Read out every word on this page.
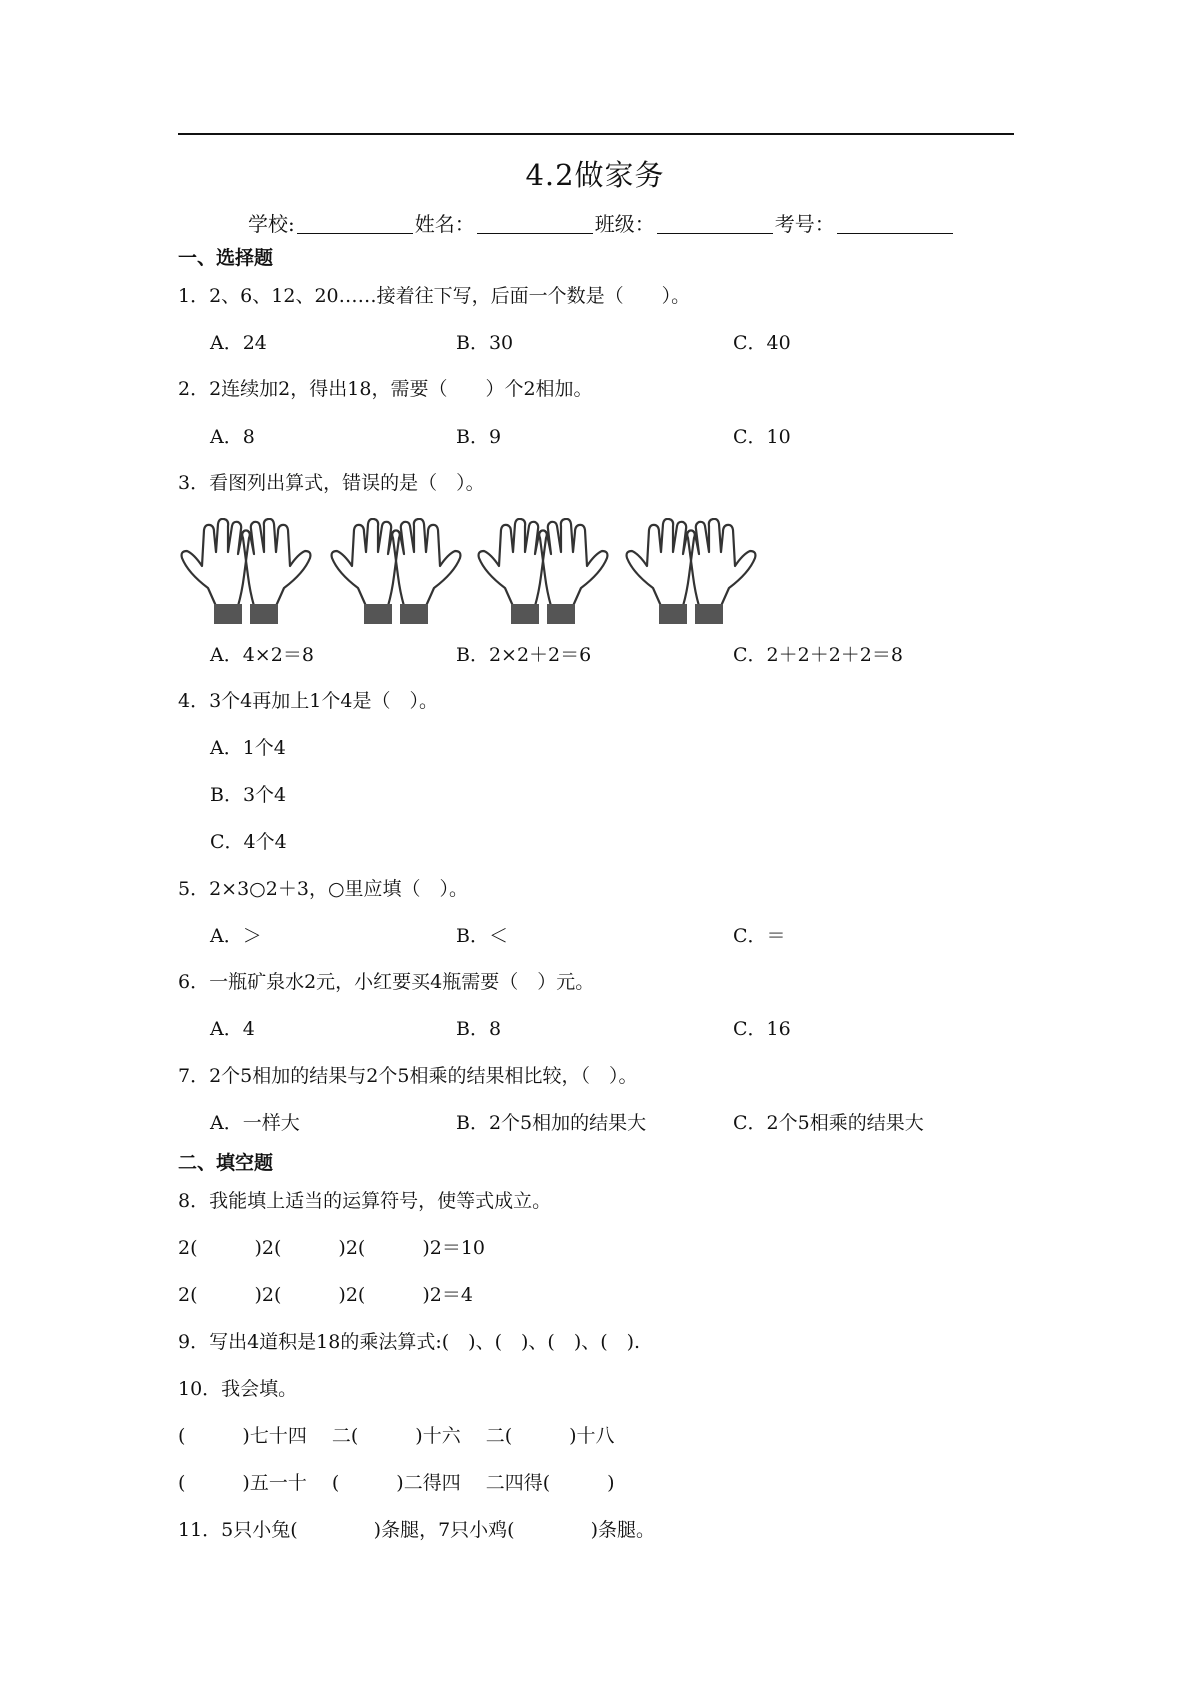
4.2做家务
学校:	姓名：	班级：	考号：
一、选择题
1．2、6、12、20……接着往下写，后面一个数是（　　）。
A．24	B．30	C．40
2．2连续加2，得出18，需要（　　）个2相加。
A．8	B．9	C．10
3．看图列出算式，错误的是（　）。
A．4×2＝8	B．2×2＋2＝6	C．2＋2＋2＋2＝8
4．3个4再加上1个4是（　）。
A．1个4
B．3个4
C．4个4
5．2×3○2＋3，○里应填（　）。
A．＞	B．＜	C．＝
6．一瓶矿泉水2元，小红要买4瓶需要（　）元。
A．4	B．8	C．16
7．2个5相加的结果与2个5相乘的结果相比较，（　）。
A．一样大	B．2个5相加的结果大	C．2个5相乘的结果大
二、填空题
8．我能填上适当的运算符号，使等式成立。
2(　　　)2(　　　)2(　　　)2＝10
2(　　　)2(　　　)2(　　　)2＝4
9．写出4道积是18的乘法算式:(　)、(　)、(　)、(　).
10．我会填。
(　　　)七十四　 二(　　　)十六　 二(　　　)十八
(　　　)五一十　 (　　　)二得四　 二四得(　　　)
11．5只小兔(　　　　)条腿，7只小鸡(　　　　)条腿。
